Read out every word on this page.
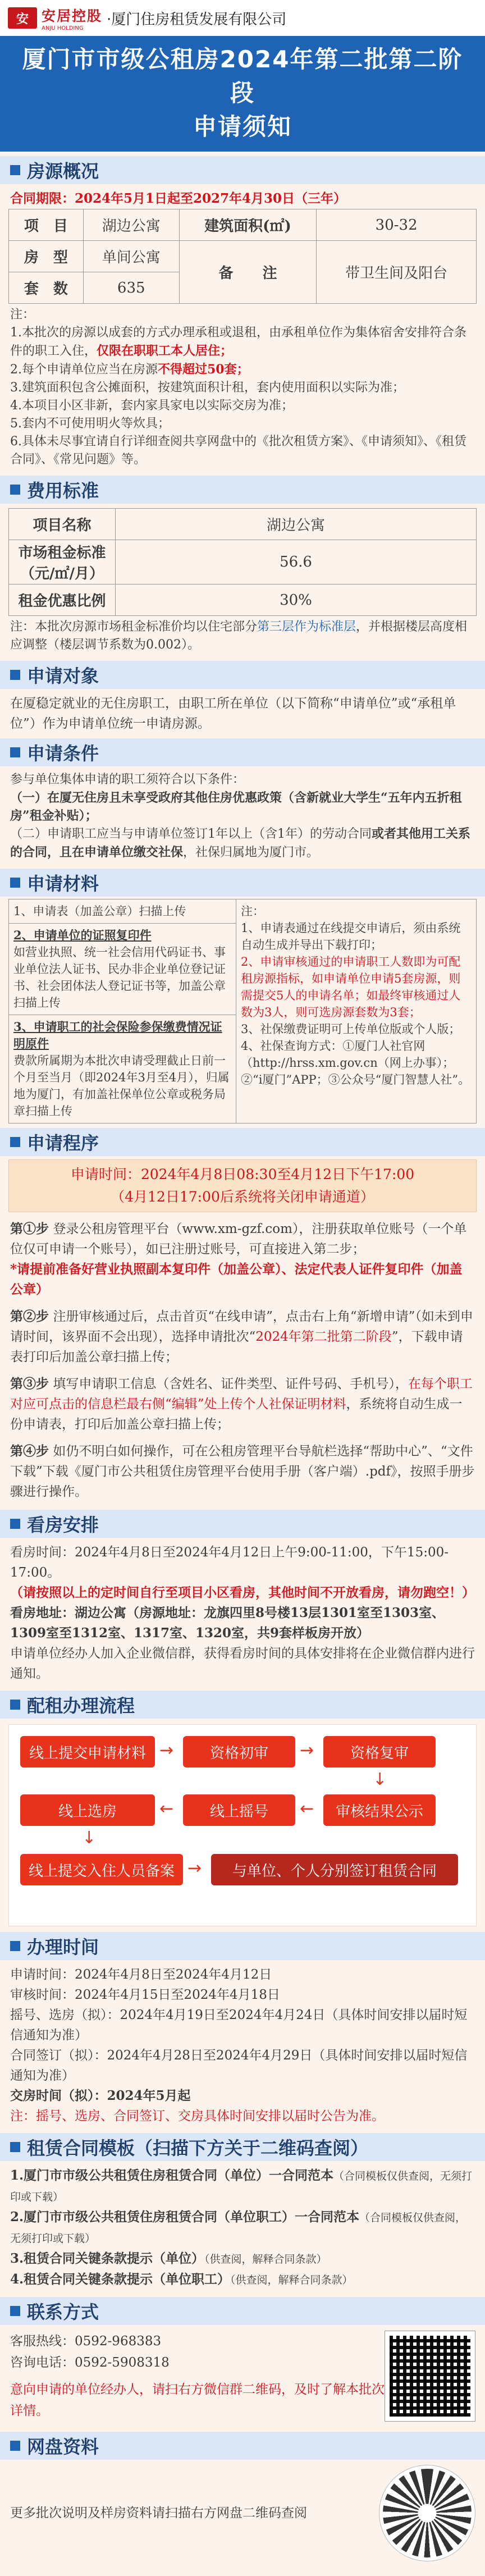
安 安居控股
ANJU HOLDING
·厦门住房租赁发展有限公司
厦门市市级公租房2024年第二批第二阶段
申请须知
房源概况
合同期限：2024年5月1日起至2027年4月30日（三年）
项　目	湖边公寓	建筑面积(㎡)	30-32
房　型	单间公寓	备　　注	带卫生间及阳台
套　数	635		
注：
1.本批次的房源以成套的方式办理承租或退租，由承租单位作为集体宿舍安排符合条件的职工入住，仅限在职职工本人居住；
2.每个申请单位应当在房源不得超过50套；
3.建筑面积包含公摊面积，按建筑面积计租，套内使用面积以实际为准；
4.本项目小区非新，套内家具家电以实际交房为准；
5.套内不可使用明火等炊具；
6.具体未尽事宜请自行详细查阅共享网盘中的《批次租赁方案》、《申请须知》、《租赁合同》、《常见问题》等。
费用标准
项目名称	湖边公寓
市场租金标准（元/㎡/月）	56.6
租金优惠比例	30%
注：本批次房源市场租金标准价均以住宅部分第三层作为标准层，并根据楼层高度相应调整（楼层调节系数为0.002）。
申请对象
在厦稳定就业的无住房职工，由职工所在单位（以下简称“申请单位”或“承租单位”）作为申请单位统一申请房源。
申请条件
参与单位集体申请的职工须符合以下条件：
（一）在厦无住房且未享受政府其他住房优惠政策（含新就业大学生“五年内五折租房”租金补贴）；
（二）申请职工应当与申请单位签订1年以上（含1年）的劳动合同或者其他用工关系的合同，且在申请单位缴交社保，社保归属地为厦门市。
申请材料
1、申请表（加盖公章）扫描上传
2、申请单位的证照复印件
如营业执照、统一社会信用代码证书、事业单位法人证书、民办非企业单位登记证书、社会团体法人登记证书等，加盖公章扫描上传
3、申请职工的社会保险参保缴费情况证明原件
费款所属期为本批次申请受理截止日前一个月至当月（即2024年3月至4月），归属地为厦门，有加盖社保单位公章或税务局章扫描上传
注：
1、申请表通过在线提交申请后，须由系统自动生成并导出下载打印；
2、申请审核通过的申请职工人数即为可配租房源指标，如申请单位申请5套房源，则需提交5人的申请名单；如最终审核通过人数为3人，则可选房源套数为3套；
3、社保缴费证明可上传单位版或个人版；
4、社保查询方式：①厦门人社官网（http://hrss.xm.gov.cn（网上办事）；②“i厦门”APP；③公众号“厦门智慧人社”。
申请程序
申请时间：2024年4月8日08:30至4月12日下午17:00
（4月12日17:00后系统将关闭申请通道）
第①步 登录公租房管理平台（www.xm-gzf.com），注册获取单位账号（一个单位仅可申请一个账号），如已注册过账号，可直接进入第二步；
*请提前准备好营业执照副本复印件（加盖公章）、法定代表人证件复印件（加盖公章）
第②步 注册审核通过后，点击首页“在线申请”，点击右上角“新增申请”（如未到申请时间，该界面不会出现），选择申请批次“2024年第二批第二阶段”，下载申请表打印后加盖公章扫描上传；
第③步 填写申请职工信息（含姓名、证件类型、证件号码、手机号），在每个职工对应可点击的信息栏最右侧“编辑”处上传个人社保证明材料，系统将自动生成一份申请表，打印后加盖公章扫描上传；
第④步 如仍不明白如何操作，可在公租房管理平台导航栏选择“帮助中心”、“文件下载”下载《厦门市公共租赁住房管理平台使用手册（客户端）.pdf》，按照手册步骤进行操作。
看房安排
看房时间：2024年4月8日至2024年4月12日上午9:00-11:00，下午15:00-17:00。
（请按照以上的定时间自行至项目小区看房，其他时间不开放看房，请勿跑空！）
看房地址：湖边公寓（房源地址：龙旗四里8号楼13层1301室至1303室、1309室至1312室、1317室、1320室，共9套样板房开放）
申请单位经办人加入企业微信群，获得看房时间的具体安排将在企业微信群内进行通知。
配租办理流程
线上提交申请材料 →	资格初审	→	资格复审
↓
审核结果公示
←
线上摇号
←
线上选房
↓
线上提交入住人员备案 →	与单位、个人分别签订租赁合同
办理时间
申请时间：2024年4月8日至2024年4月12日
审核时间：2024年4月15日至2024年4月18日
摇号、选房（拟）：2024年4月19日至2024年4月24日（具体时间安排以届时短信通知为准）
合同签订（拟）：2024年4月28日至2024年4月29日（具体时间安排以届时短信通知为准）
交房时间（拟）：2024年5月起
注：摇号、选房、合同签订、交房具体时间安排以届时公告为准。
租赁合同模板（扫描下方关于二维码查阅）
1.厦门市市级公共租赁住房租赁合同（单位）一合同范本（合同模板仅供查阅，无须打印或下载）
2.厦门市市级公共租赁住房租赁合同（单位职工）一合同范本（合同模板仅供查阅，无须打印或下载）
3.租赁合同关键条款提示（单位）（供查阅，解释合同条款）
4.租赁合同关键条款提示（单位职工）（供查阅，解释合同条款）
联系方式
客服热线：0592-968383
咨询电话：0592-5908318
意向申请的单位经办人，请扫右方微信群二维码，及时了解本批次详情。
网盘资料
更多批次说明及样房资料请扫描右方网盘二维码查阅
